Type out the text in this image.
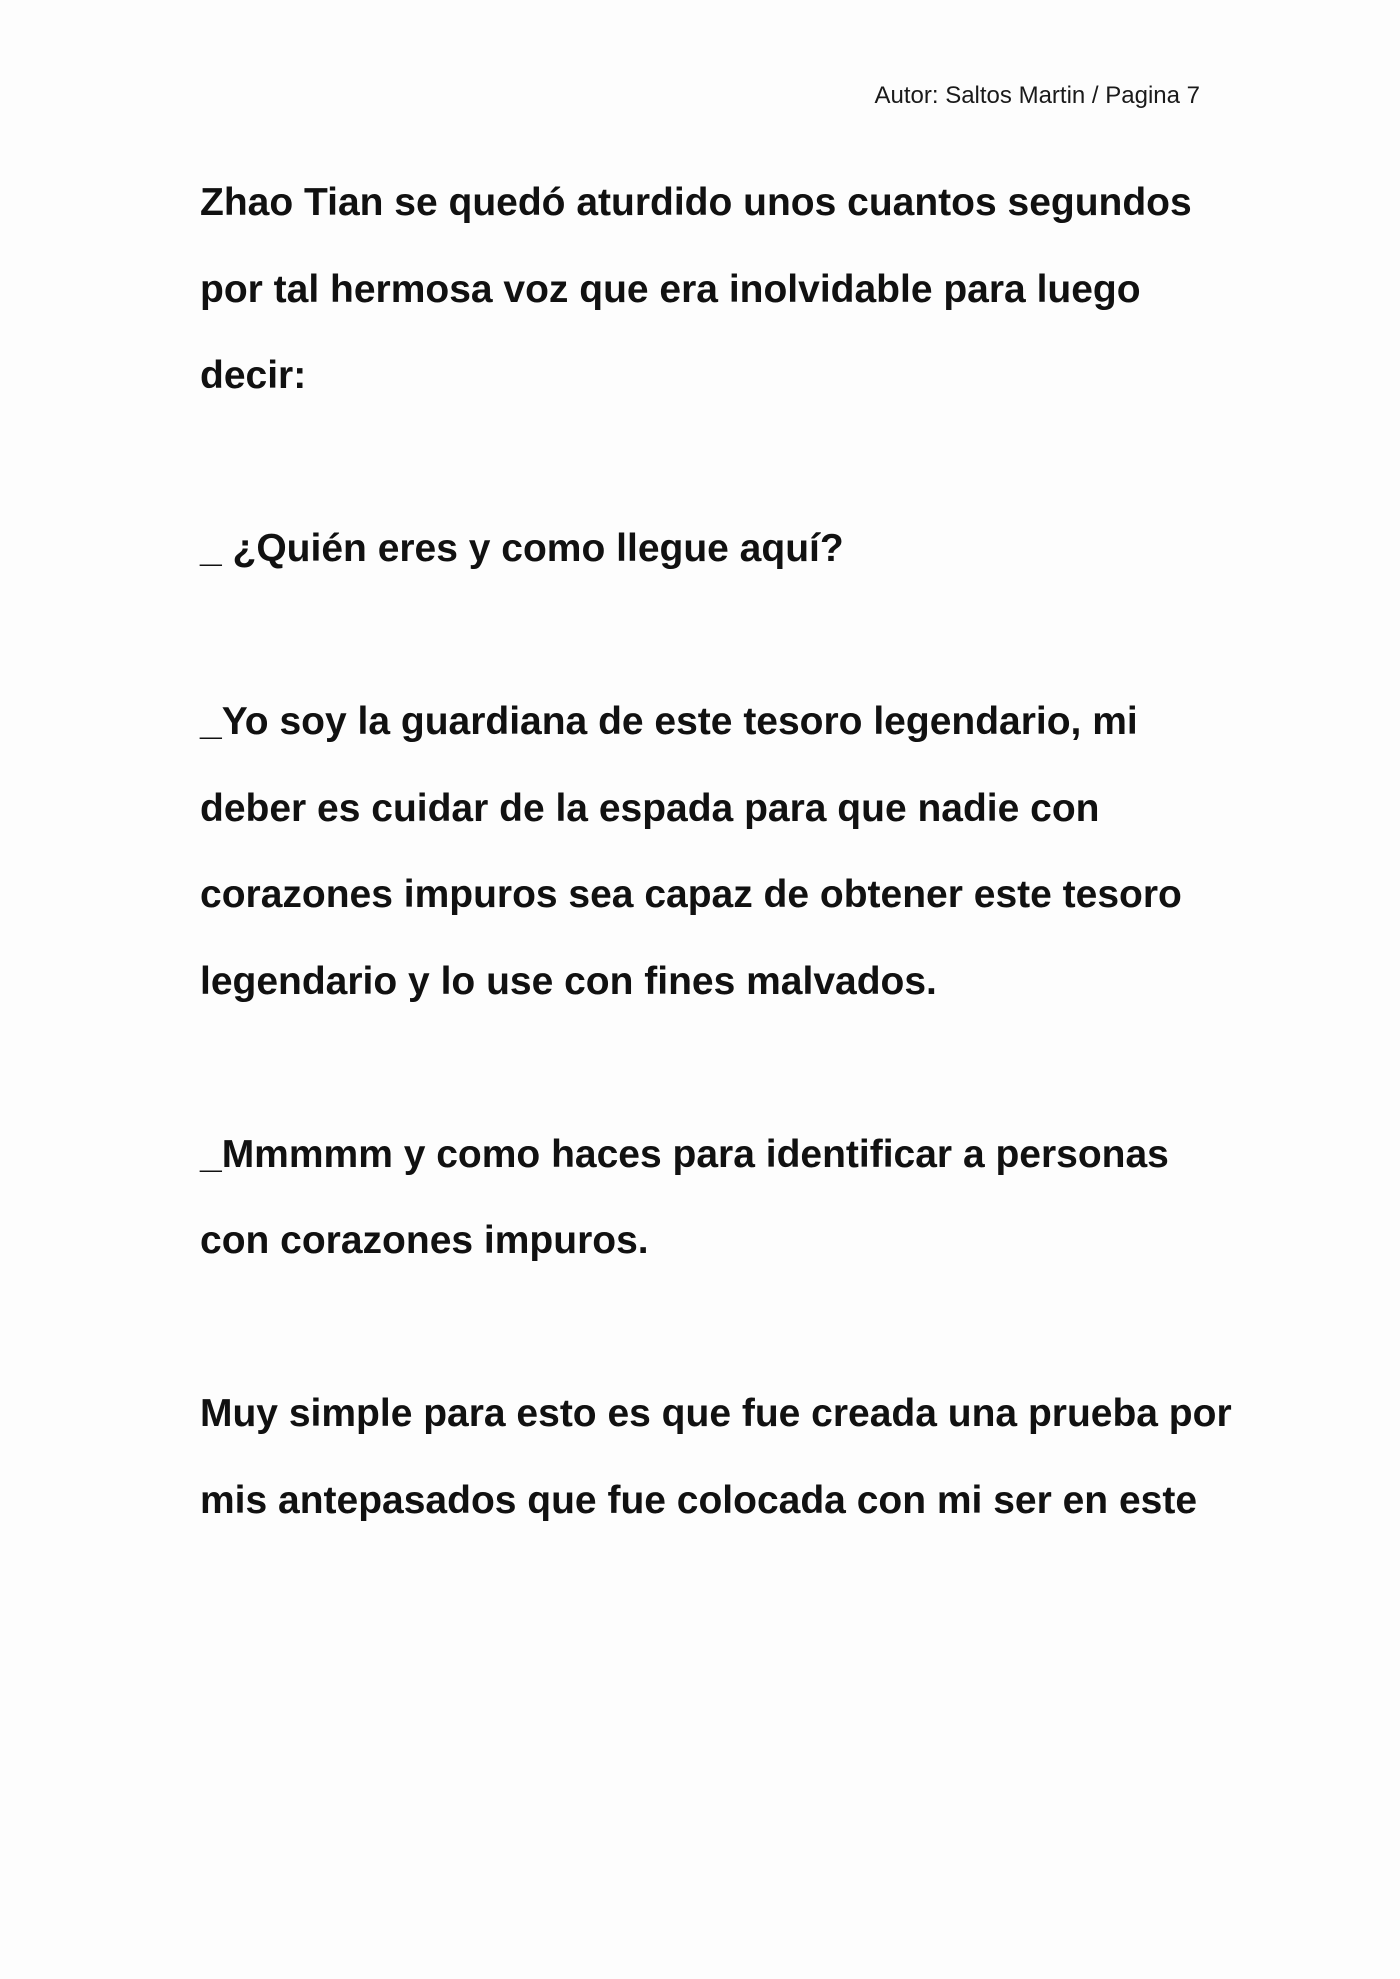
Autor: Saltos Martin / Pagina 7
Zhao Tian se quedó aturdido unos cuantos segundos
por tal hermosa voz que era inolvidable para luego
decir:
_ ¿Quién eres y como llegue aquí?
_Yo soy la guardiana de este tesoro legendario, mi
deber es cuidar de la espada para que nadie con
corazones impuros sea capaz de obtener este tesoro
legendario y lo use con fines malvados.
_Mmmmm y como haces para identificar a personas
con corazones impuros.
Muy simple para esto es que fue creada una prueba por
mis antepasados que fue colocada con mi ser en este
